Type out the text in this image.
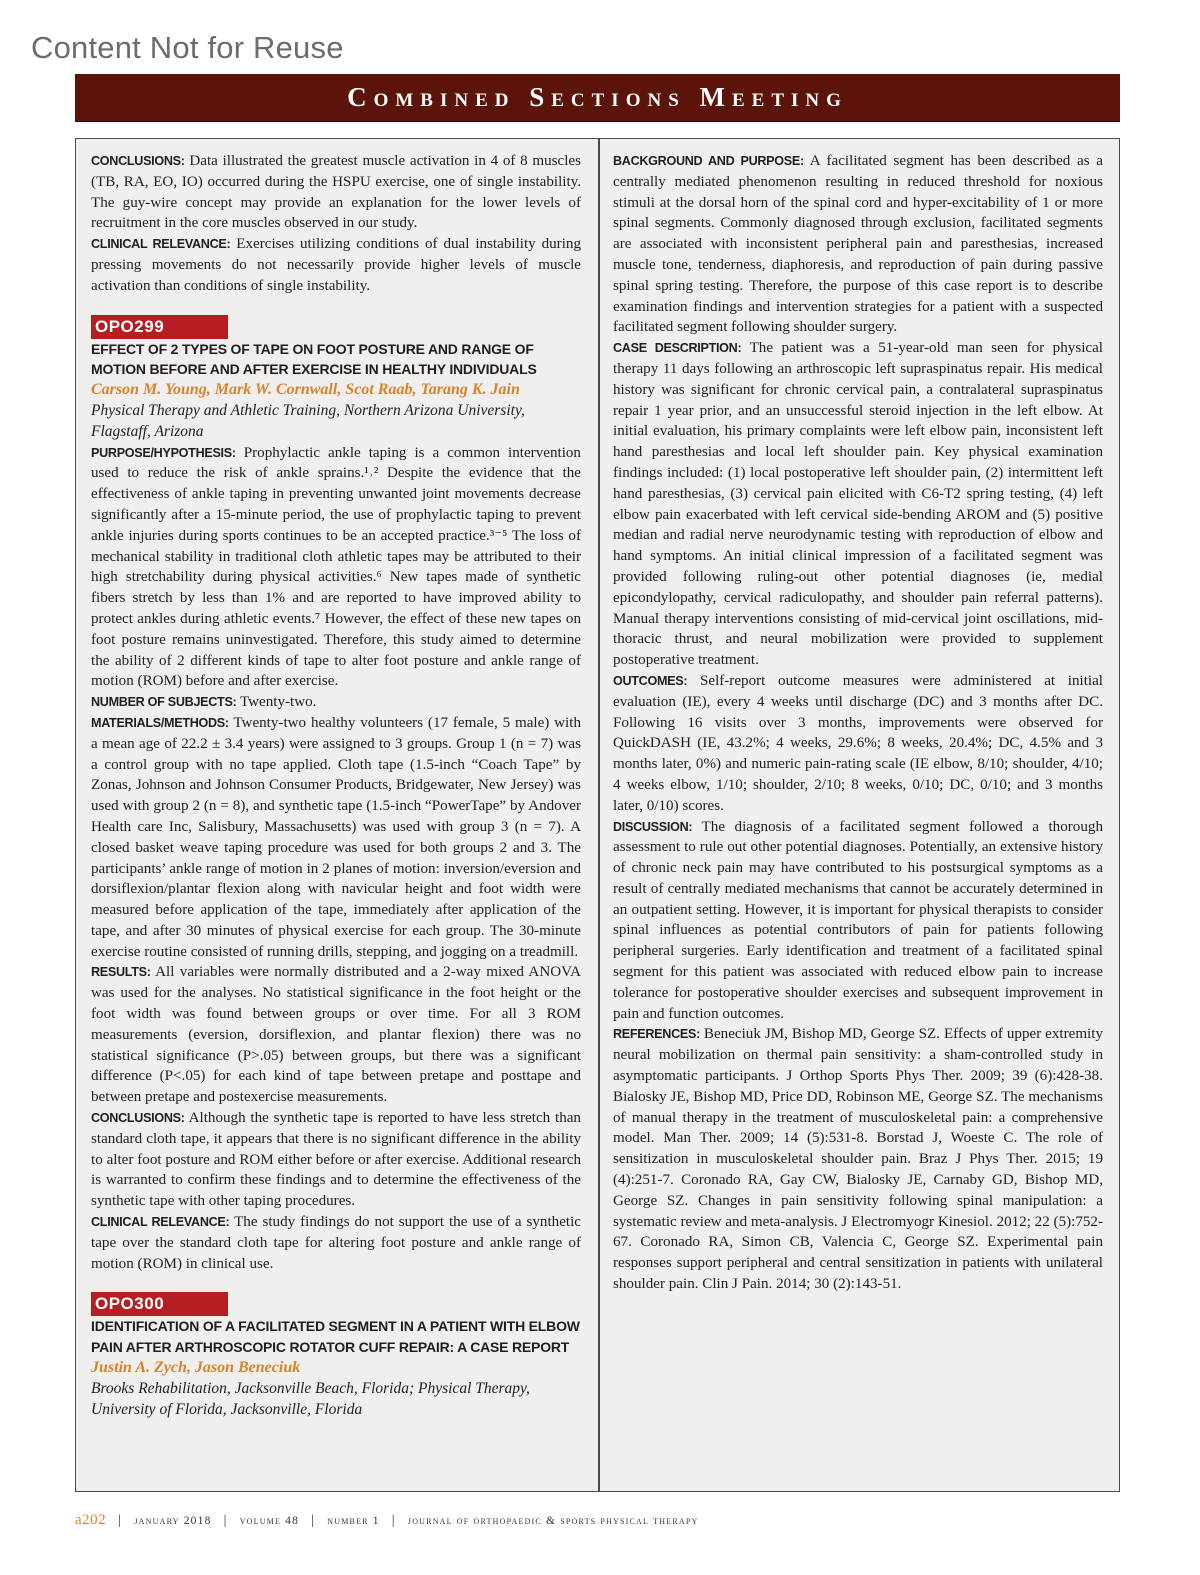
Content Not for Reuse
Combined Sections Meeting

CONCLUSIONS: Data illustrated the greatest muscle activation in 4 of 8 muscles (TB, RA, EO, IO) occurred during the HSPU exercise, one of single instability. The guy-wire concept may provide an explanation for the lower levels of recruitment in the core muscles observed in our study.

CLINICAL RELEVANCE: Exercises utilizing conditions of dual instability during pressing movements do not necessarily provide higher levels of muscle activation than conditions of single instability.

OPO299

EFFECT OF 2 TYPES OF TAPE ON FOOT POSTURE AND RANGE OF MOTION BEFORE AND AFTER EXERCISE IN HEALTHY INDIVIDUALS

Carson M. Young, Mark W. Cornwall, Scot Raab, Tarang K. Jain

Physical Therapy and Athletic Training, Northern Arizona University, Flagstaff, Arizona

PURPOSE/HYPOTHESIS: Prophylactic ankle taping is a common intervention used to reduce the risk of ankle sprains.¹˒² Despite the evidence that the effectiveness of ankle taping in preventing unwanted joint movements decrease significantly after a 15-minute period, the use of prophylactic taping to prevent ankle injuries during sports continues to be an accepted practice.³⁻⁵ The loss of mechanical stability in traditional cloth athletic tapes may be attributed to their high stretchability during physical activities.⁶ New tapes made of synthetic fibers stretch by less than 1% and are reported to have improved ability to protect ankles during athletic events.⁷ However, the effect of these new tapes on foot posture remains uninvestigated. Therefore, this study aimed to determine the ability of 2 different kinds of tape to alter foot posture and ankle range of motion (ROM) before and after exercise.

NUMBER OF SUBJECTS: Twenty-two.

MATERIALS/METHODS: Twenty-two healthy volunteers (17 female, 5 male) with a mean age of 22.2 ± 3.4 years) were assigned to 3 groups. Group 1 (n = 7) was a control group with no tape applied. Cloth tape (1.5-inch “Coach Tape” by Zonas, Johnson and Johnson Consumer Products, Bridgewater, New Jersey) was used with group 2 (n = 8), and synthetic tape (1.5-inch “PowerTape” by Andover Health care Inc, Salisbury, Massachusetts) was used with group 3 (n = 7). A closed basket weave taping procedure was used for both groups 2 and 3. The participants’ ankle range of motion in 2 planes of motion: inversion/eversion and dorsiflexion/plantar flexion along with navicular height and foot width were measured before application of the tape, immediately after application of the tape, and after 30 minutes of physical exercise for each group. The 30-minute exercise routine consisted of running drills, stepping, and jogging on a treadmill.

RESULTS: All variables were normally distributed and a 2-way mixed ANOVA was used for the analyses. No statistical significance in the foot height or the foot width was found between groups or over time. For all 3 ROM measurements (eversion, dorsiflexion, and plantar flexion) there was no statistical significance (P>.05) between groups, but there was a significant difference (P<.05) for each kind of tape between pretape and posttape and between pretape and postexercise measurements.

CONCLUSIONS: Although the synthetic tape is reported to have less stretch than standard cloth tape, it appears that there is no significant difference in the ability to alter foot posture and ROM either before or after exercise. Additional research is warranted to confirm these findings and to determine the effectiveness of the synthetic tape with other taping procedures.

CLINICAL RELEVANCE: The study findings do not support the use of a synthetic tape over the standard cloth tape for altering foot posture and ankle range of motion (ROM) in clinical use.

OPO300

IDENTIFICATION OF A FACILITATED SEGMENT IN A PATIENT WITH ELBOW PAIN AFTER ARTHROSCOPIC ROTATOR CUFF REPAIR: A CASE REPORT

Justin A. Zych, Jason Beneciuk

Brooks Rehabilitation, Jacksonville Beach, Florida; Physical Therapy, University of Florida, Jacksonville, Florida

BACKGROUND AND PURPOSE: A facilitated segment has been described as a centrally mediated phenomenon resulting in reduced threshold for noxious stimuli at the dorsal horn of the spinal cord and hyper-excitability of 1 or more spinal segments. Commonly diagnosed through exclusion, facilitated segments are associated with inconsistent peripheral pain and paresthesias, increased muscle tone, tenderness, diaphoresis, and reproduction of pain during passive spinal spring testing. Therefore, the purpose of this case report is to describe examination findings and intervention strategies for a patient with a suspected facilitated segment following shoulder surgery.

CASE DESCRIPTION: The patient was a 51-year-old man seen for physical therapy 11 days following an arthroscopic left supraspinatus repair. His medical history was significant for chronic cervical pain, a contralateral supraspinatus repair 1 year prior, and an unsuccessful steroid injection in the left elbow. At initial evaluation, his primary complaints were left elbow pain, inconsistent left hand paresthesias and local left shoulder pain. Key physical examination findings included: (1) local postoperative left shoulder pain, (2) intermittent left hand paresthesias, (3) cervical pain elicited with C6-T2 spring testing, (4) left elbow pain exacerbated with left cervical side-bending AROM and (5) positive median and radial nerve neurodynamic testing with reproduction of elbow and hand symptoms. An initial clinical impression of a facilitated segment was provided following ruling-out other potential diagnoses (ie, medial epicondylopathy, cervical radiculopathy, and shoulder pain referral patterns). Manual therapy interventions consisting of mid-cervical joint oscillations, mid-thoracic thrust, and neural mobilization were provided to supplement postoperative treatment.

OUTCOMES: Self-report outcome measures were administered at initial evaluation (IE), every 4 weeks until discharge (DC) and 3 months after DC. Following 16 visits over 3 months, improvements were observed for QuickDASH (IE, 43.2%; 4 weeks, 29.6%; 8 weeks, 20.4%; DC, 4.5% and 3 months later, 0%) and numeric pain-rating scale (IE elbow, 8/10; shoulder, 4/10; 4 weeks elbow, 1/10; shoulder, 2/10; 8 weeks, 0/10; DC, 0/10; and 3 months later, 0/10) scores.

DISCUSSION: The diagnosis of a facilitated segment followed a thorough assessment to rule out other potential diagnoses. Potentially, an extensive history of chronic neck pain may have contributed to his postsurgical symptoms as a result of centrally mediated mechanisms that cannot be accurately determined in an outpatient setting. However, it is important for physical therapists to consider spinal influences as potential contributors of pain for patients following peripheral surgeries. Early identification and treatment of a facilitated spinal segment for this patient was associated with reduced elbow pain to increase tolerance for postoperative shoulder exercises and subsequent improvement in pain and function outcomes.

REFERENCES: Beneciuk JM, Bishop MD, George SZ. Effects of upper extremity neural mobilization on thermal pain sensitivity: a sham-controlled study in asymptomatic participants. J Orthop Sports Phys Ther. 2009; 39 (6):428-38. Bialosky JE, Bishop MD, Price DD, Robinson ME, George SZ. The mechanisms of manual therapy in the treatment of musculoskeletal pain: a comprehensive model. Man Ther. 2009; 14 (5):531-8. Borstad J, Woeste C. The role of sensitization in musculoskeletal shoulder pain. Braz J Phys Ther. 2015; 19 (4):251-7. Coronado RA, Gay CW, Bialosky JE, Carnaby GD, Bishop MD, George SZ. Changes in pain sensitivity following spinal manipulation: a systematic review and meta-analysis. J Electromyogr Kinesiol. 2012; 22 (5):752-67. Coronado RA, Simon CB, Valencia C, George SZ. Experimental pain responses support peripheral and central sensitization in patients with unilateral shoulder pain. Clin J Pain. 2014; 30 (2):143-51.

a202 | january 2018 | volume 48 | number 1 | journal of orthopaedic & sports physical therapy
